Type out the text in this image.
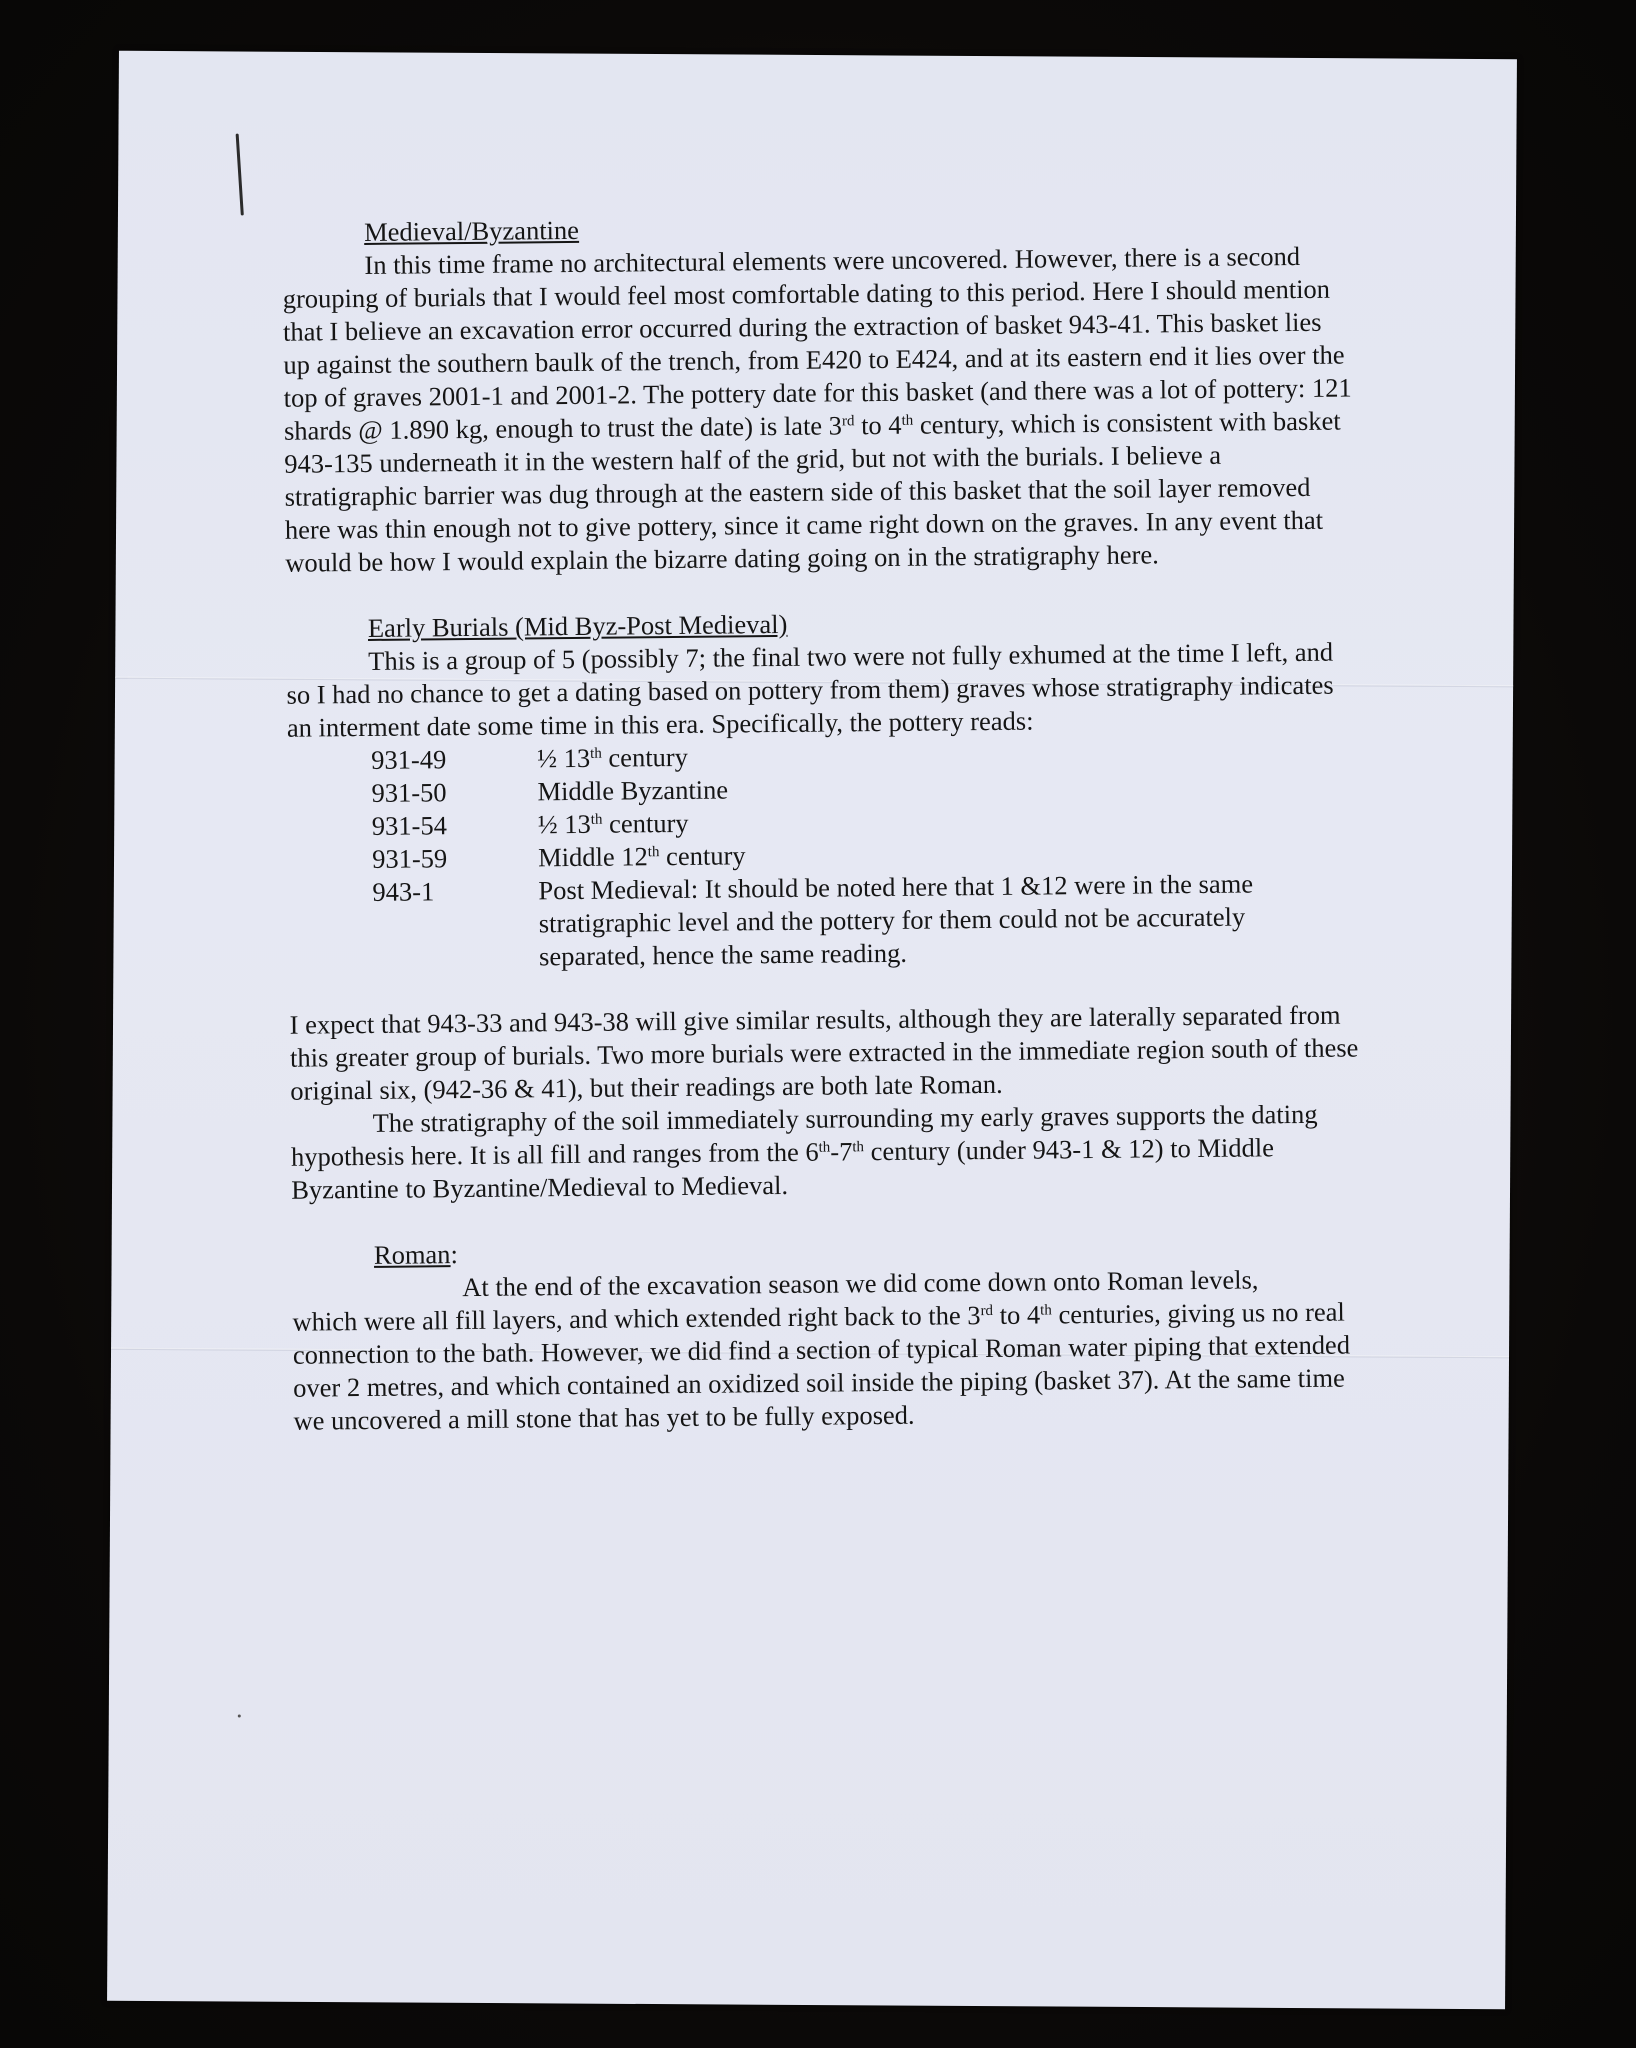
Medieval/Byzantine

In this time frame no architectural elements were uncovered. However, there is a second grouping of burials that I would feel most comfortable dating to this period. Here I should mention that I believe an excavation error occurred during the extraction of basket 943-41. This basket lies up against the southern baulk of the trench, from E420 to E424, and at its eastern end it lies over the top of graves 2001-1 and 2001-2. The pottery date for this basket (and there was a lot of pottery: 121 shards @ 1.890 kg, enough to trust the date) is late 3rd to 4th century, which is consistent with basket 943-135 underneath it in the western half of the grid, but not with the burials. I believe a stratigraphic barrier was dug through at the eastern side of this basket that the soil layer removed here was thin enough not to give pottery, since it came right down on the graves. In any event that would be how I would explain the bizarre dating going on in the stratigraphy here.

Early Burials (Mid Byz-Post Medieval)

This is a group of 5 (possibly 7; the final two were not fully exhumed at the time I left, and so I had no chance to get a dating based on pottery from them) graves whose stratigraphy indicates an interment date some time in this era. Specifically, the pottery reads:

931-49	½ 13th century
931-50	Middle Byzantine
931-54	½ 13th century
931-59	Middle 12th century
943-1	Post Medieval: It should be noted here that 1 &12 were in the same stratigraphic level and the pottery for them could not be accurately separated, hence the same reading.

I expect that 943-33 and 943-38 will give similar results, although they are laterally separated from this greater group of burials. Two more burials were extracted in the immediate region south of these original six, (942-36 & 41), but their readings are both late Roman.

The stratigraphy of the soil immediately surrounding my early graves supports the dating hypothesis here. It is all fill and ranges from the 6th-7th century (under 943-1 & 12) to Middle Byzantine to Byzantine/Medieval to Medieval.

Roman:

At the end of the excavation season we did come down onto Roman levels,
which were all fill layers, and which extended right back to the 3rd to 4th centuries, giving us no real connection to the bath. However, we did find a section of typical Roman water piping that extended over 2 metres, and which contained an oxidized soil inside the piping (basket 37). At the same time we uncovered a mill stone that has yet to be fully exposed.
